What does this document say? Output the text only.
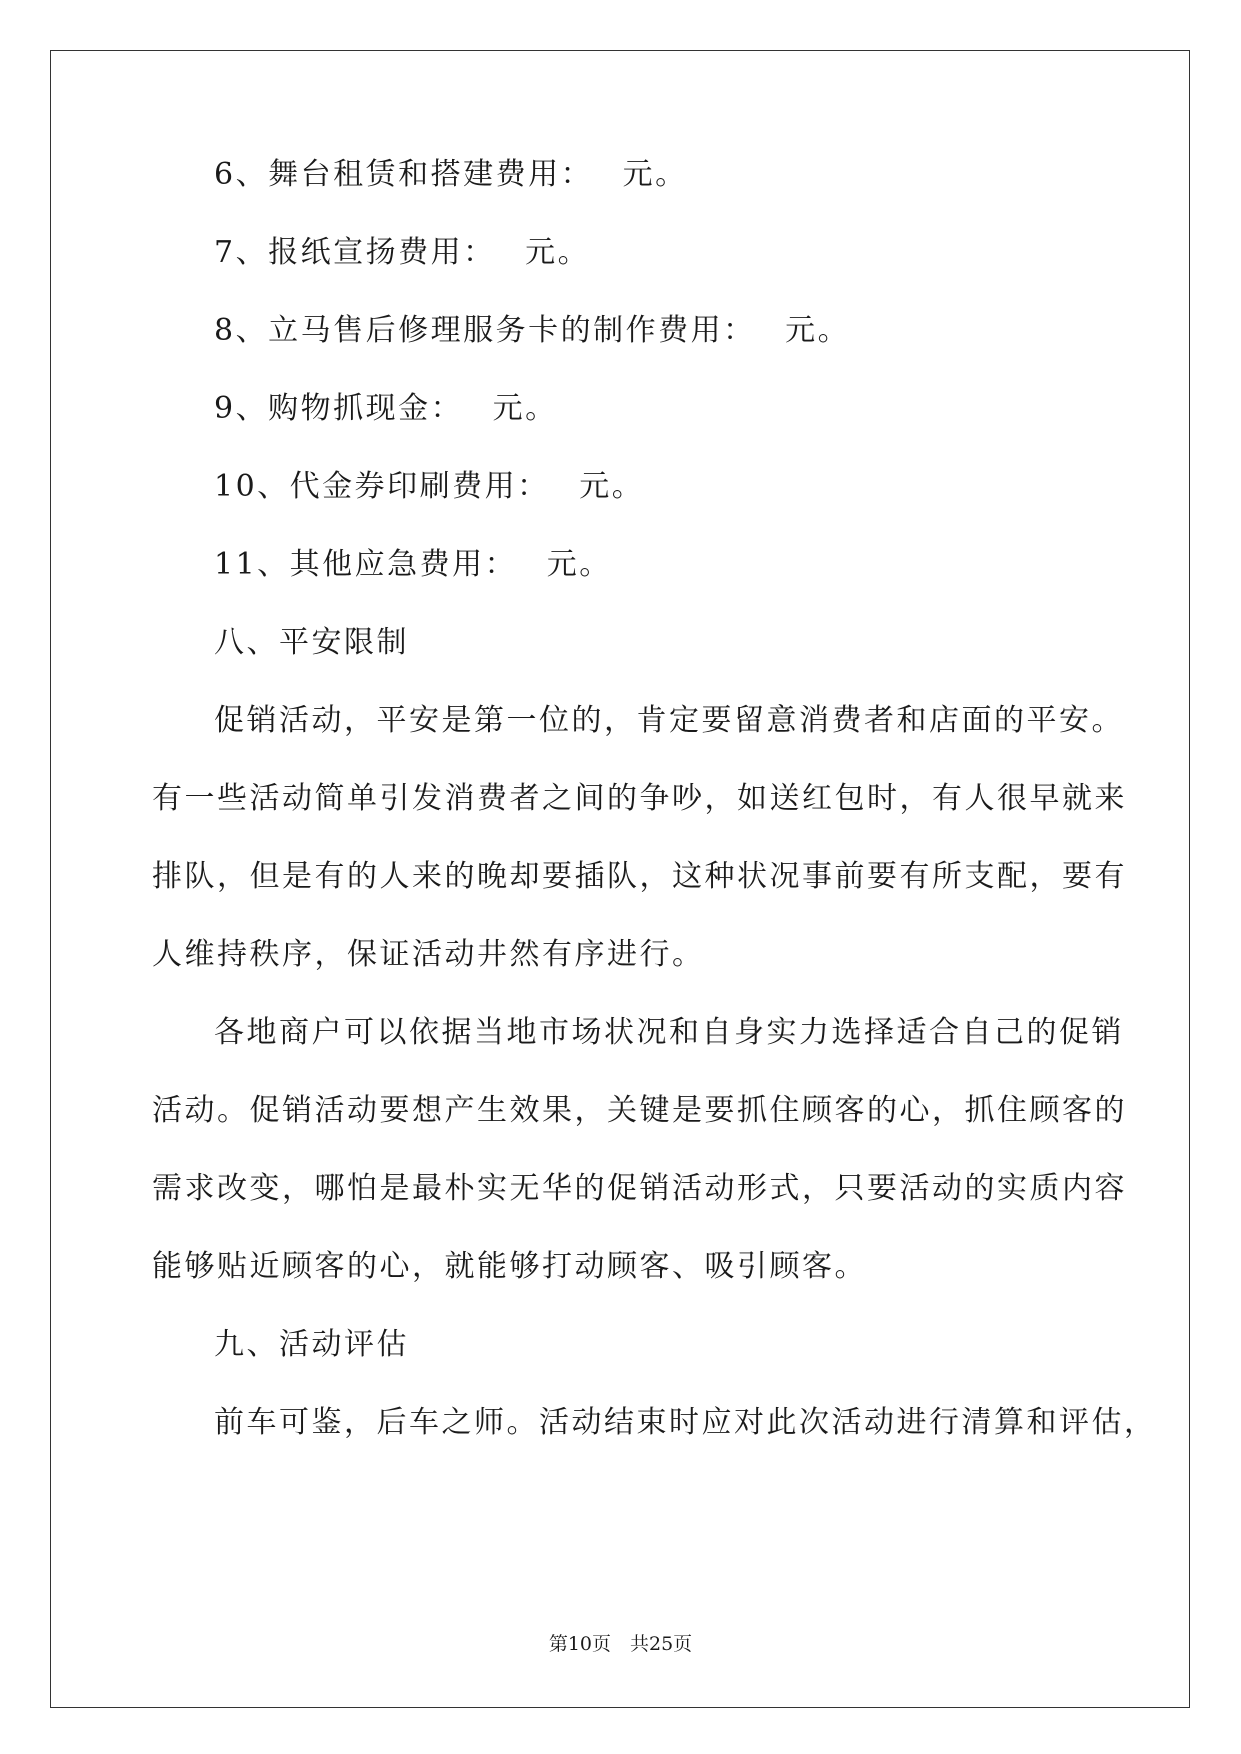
6、舞台租赁和搭建费用：　 元。
7、报纸宣扬费用：　 元。
8、立马售后修理服务卡的制作费用：　 元。
9、购物抓现金：　 元。
10、代金券印刷费用：　 元。
11、其他应急费用：　 元。
八、平安限制
促销活动，平安是第一位的，肯定要留意消费者和店面的平安。
有一些活动简单引发消费者之间的争吵，如送红包时，有人很早就来
排队，但是有的人来的晚却要插队，这种状况事前要有所支配，要有
人维持秩序，保证活动井然有序进行。
各地商户可以依据当地市场状况和自身实力选择适合自己的促销
活动。促销活动要想产生效果，关键是要抓住顾客的心，抓住顾客的
需求改变，哪怕是最朴实无华的促销活动形式，只要活动的实质内容
能够贴近顾客的心，就能够打动顾客、吸引顾客。
九、活动评估
前车可鉴，后车之师。活动结束时应对此次活动进行清算和评估，
第10页　共25页
